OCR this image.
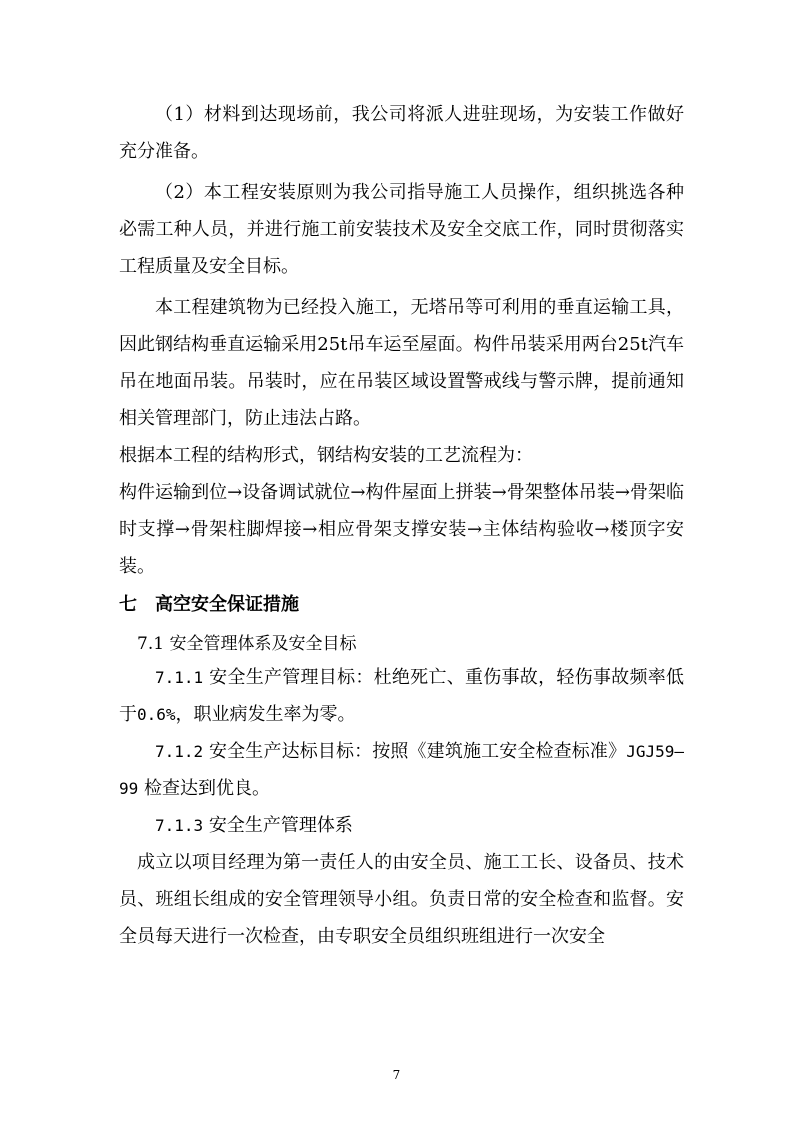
（1）材料到达现场前，我公司将派人进驻现场，为安装工作做好充分准备。

（2）本工程安装原则为我公司指导施工人员操作，组织挑选各种必需工种人员，并进行施工前安装技术及安全交底工作，同时贯彻落实工程质量及安全目标。

本工程建筑物为已经投入施工，无塔吊等可利用的垂直运输工具，因此钢结构垂直运输采用25t吊车运至屋面。构件吊装采用两台25t汽车吊在地面吊装。吊装时，应在吊装区域设置警戒线与警示牌，提前通知相关管理部门，防止违法占路。

根据本工程的结构形式，钢结构安装的工艺流程为：

构件运输到位→设备调试就位→构件屋面上拼装→骨架整体吊装→骨架临时支撑→骨架柱脚焊接→相应骨架支撑安装→主体结构验收→楼顶字安装。

七　高空安全保证措施

7.1 安全管理体系及安全目标

7.1.1 安全生产管理目标：杜绝死亡、重伤事故，轻伤事故频率低于0.6%，职业病发生率为零。

7.1.2 安全生产达标目标：按照《建筑施工安全检查标准》JGJ59—99 检查达到优良。

7.1.3 安全生产管理体系

成立以项目经理为第一责任人的由安全员、施工工长、设备员、技术员、班组长组成的安全管理领导小组。负责日常的安全检查和监督。安全员每天进行一次检查，由专职安全员组织班组进行一次安全

7
